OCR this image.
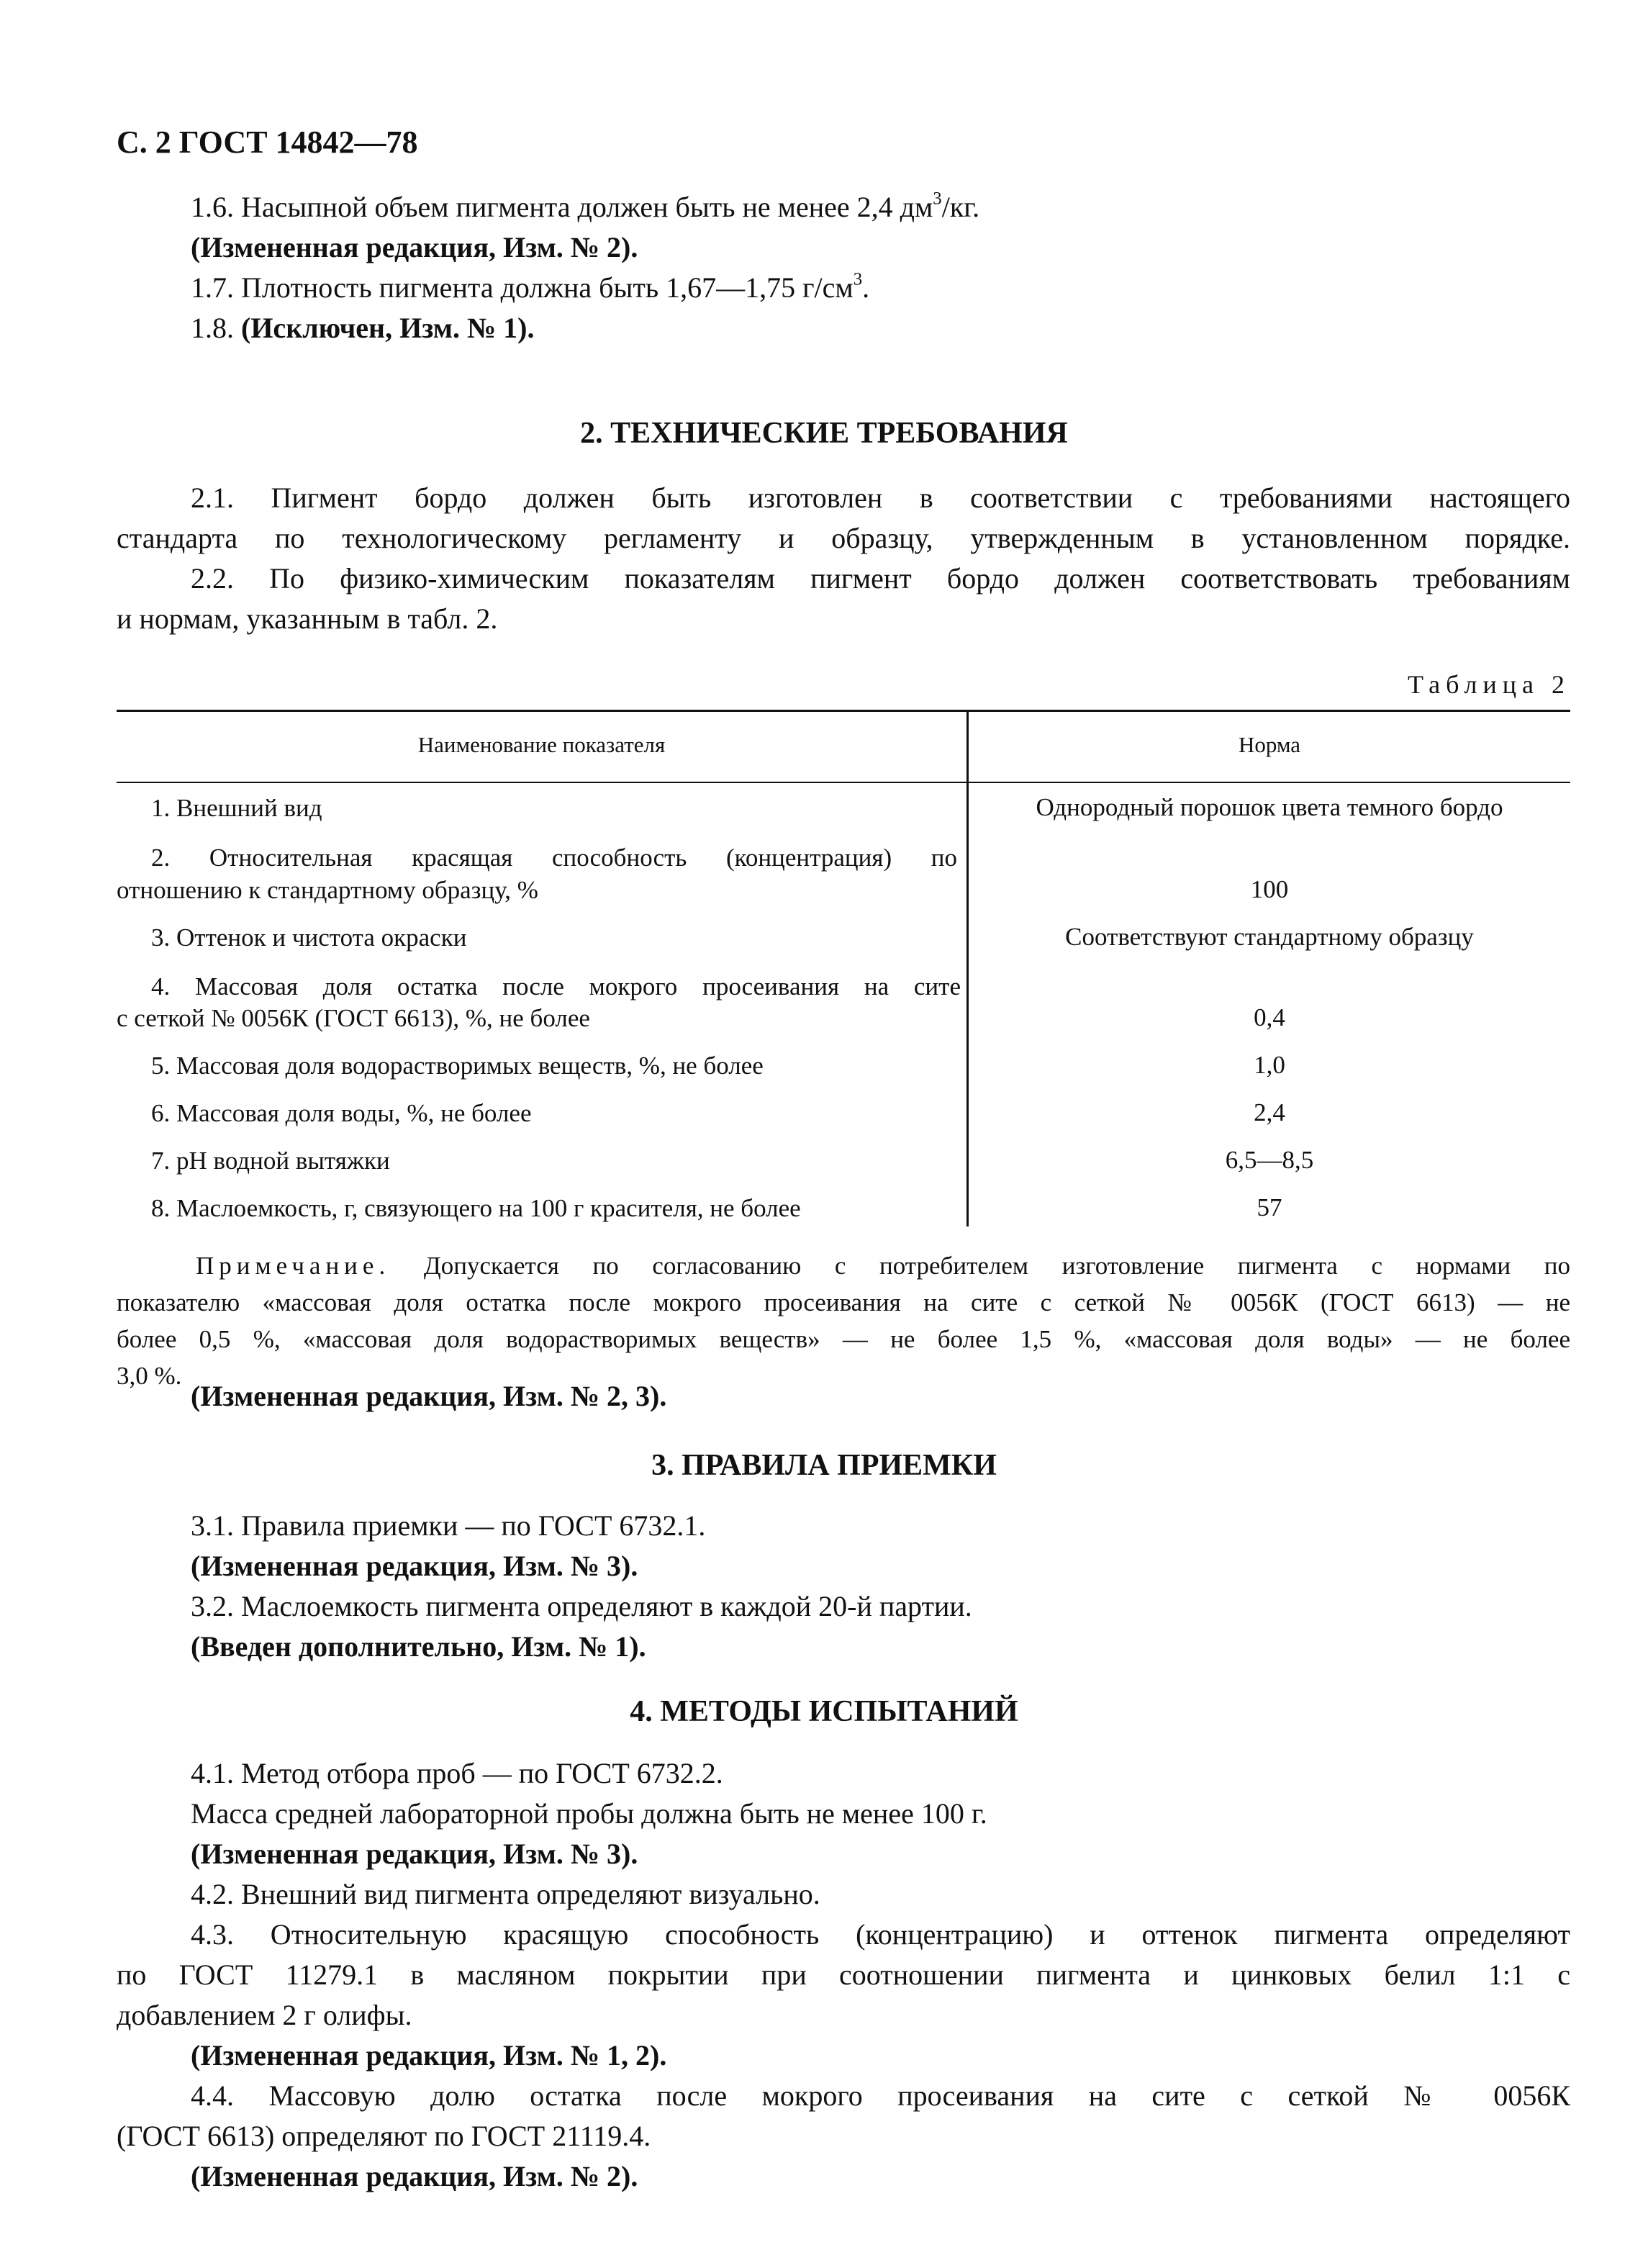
С. 2 ГОСТ 14842—78
1.6. Насыпной объем пигмента должен быть не менее 2,4 $дм^3/кг$.
(Измененная редакция, Изм. № 2).
1.7. Плотность пигмента должна быть 1,67—1,75 $г/см^3$.
1.8. (Исключен, Изм. № 1).
2. ТЕХНИЧЕСКИЕ ТРЕБОВАНИЯ
2.1. Пигмент бордо должен быть изготовлен в соответствии с требованиями настоящего
стандарта по технологическому регламенту и образцу, утвержденным в установленном порядке.
2.2. По физико-химическим показателям пигмент бордо должен соответствовать требованиям
и нормам, указанным в табл. 2.
Таблица 2
Наименование показателя	Норма
1. Внешний вид	Однородный порошок цвета темного бордо
2. Относительная красящая способность (концентрация) по
отношению к стандартному образцу, %	100
3. Оттенок и чистота окраски	Соответствуют стандартному образцу
4. Массовая доля остатка после мокрого просеивания на сите
с сеткой № 0056К (ГОСТ 6613), %, не более	0,4
5. Массовая доля водорастворимых веществ, %, не более	1,0
6. Массовая доля воды, %, не более	2,4
7. pH водной вытяжки	6,5—8,5
8. Маслоемкость, г, связующего на 100 г красителя, не более	57
Примечание. Допускается по согласованию с потребителем изготовление пигмента с нормами по
показателю «массовая доля остатка после мокрого просеивания на сите с сеткой № 0056К (ГОСТ 6613) — не
более 0,5 %, «массовая доля водорастворимых веществ» — не более 1,5 %, «массовая доля воды» — не более
3,0 %.
(Измененная редакция, Изм. № 2, 3).
3. ПРАВИЛА ПРИЕМКИ
3.1. Правила приемки — по ГОСТ 6732.1.
(Измененная редакция, Изм. № 3).
3.2. Маслоемкость пигмента определяют в каждой 20-й партии.
(Введен дополнительно, Изм. № 1).
4. МЕТОДЫ ИСПЫТАНИЙ
4.1. Метод отбора проб — по ГОСТ 6732.2.
Масса средней лабораторной пробы должна быть не менее 100 г.
(Измененная редакция, Изм. № 3).
4.2. Внешний вид пигмента определяют визуально.
4.3. Относительную красящую способность (концентрацию) и оттенок пигмента определяют
по ГОСТ 11279.1 в масляном покрытии при соотношении пигмента и цинковых белил 1:1 с
добавлением 2 г олифы.
(Измененная редакция, Изм. № 1, 2).
4.4. Массовую долю остатка после мокрого просеивания на сите с сеткой № 0056К
(ГОСТ 6613) определяют по ГОСТ 21119.4.
(Измененная редакция, Изм. № 2).
